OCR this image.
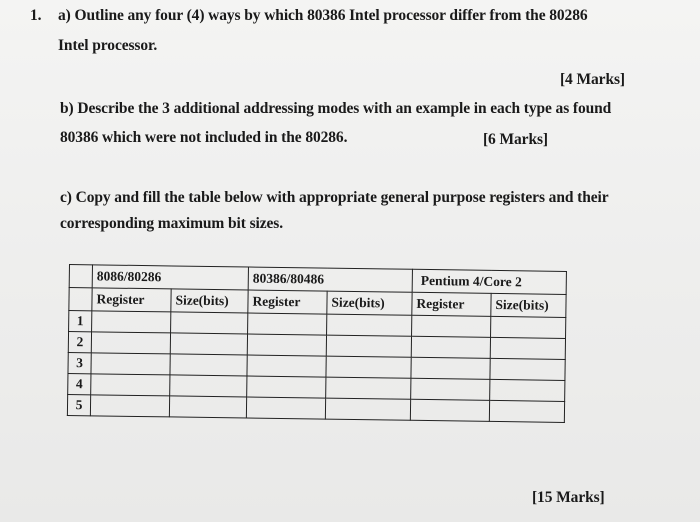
1. a) Outline any four (4) ways by which 80386 Intel processor differ from the 80286
Intel processor.
[4 Marks]
b) Describe the 3 additional addressing modes with an example in each type as found
80386 which were not included in the 80286.	[6 Marks]
c) Copy and fill the table below with appropriate general purpose registers and their
corresponding maximum bit sizes.
	8086/80286		80386/80486		Pentium 4/Core 2	
	Register	Size(bits)	Register	Size(bits)	Register	Size(bits)
1						
2						
3						
4						
5						
[15 Marks]
